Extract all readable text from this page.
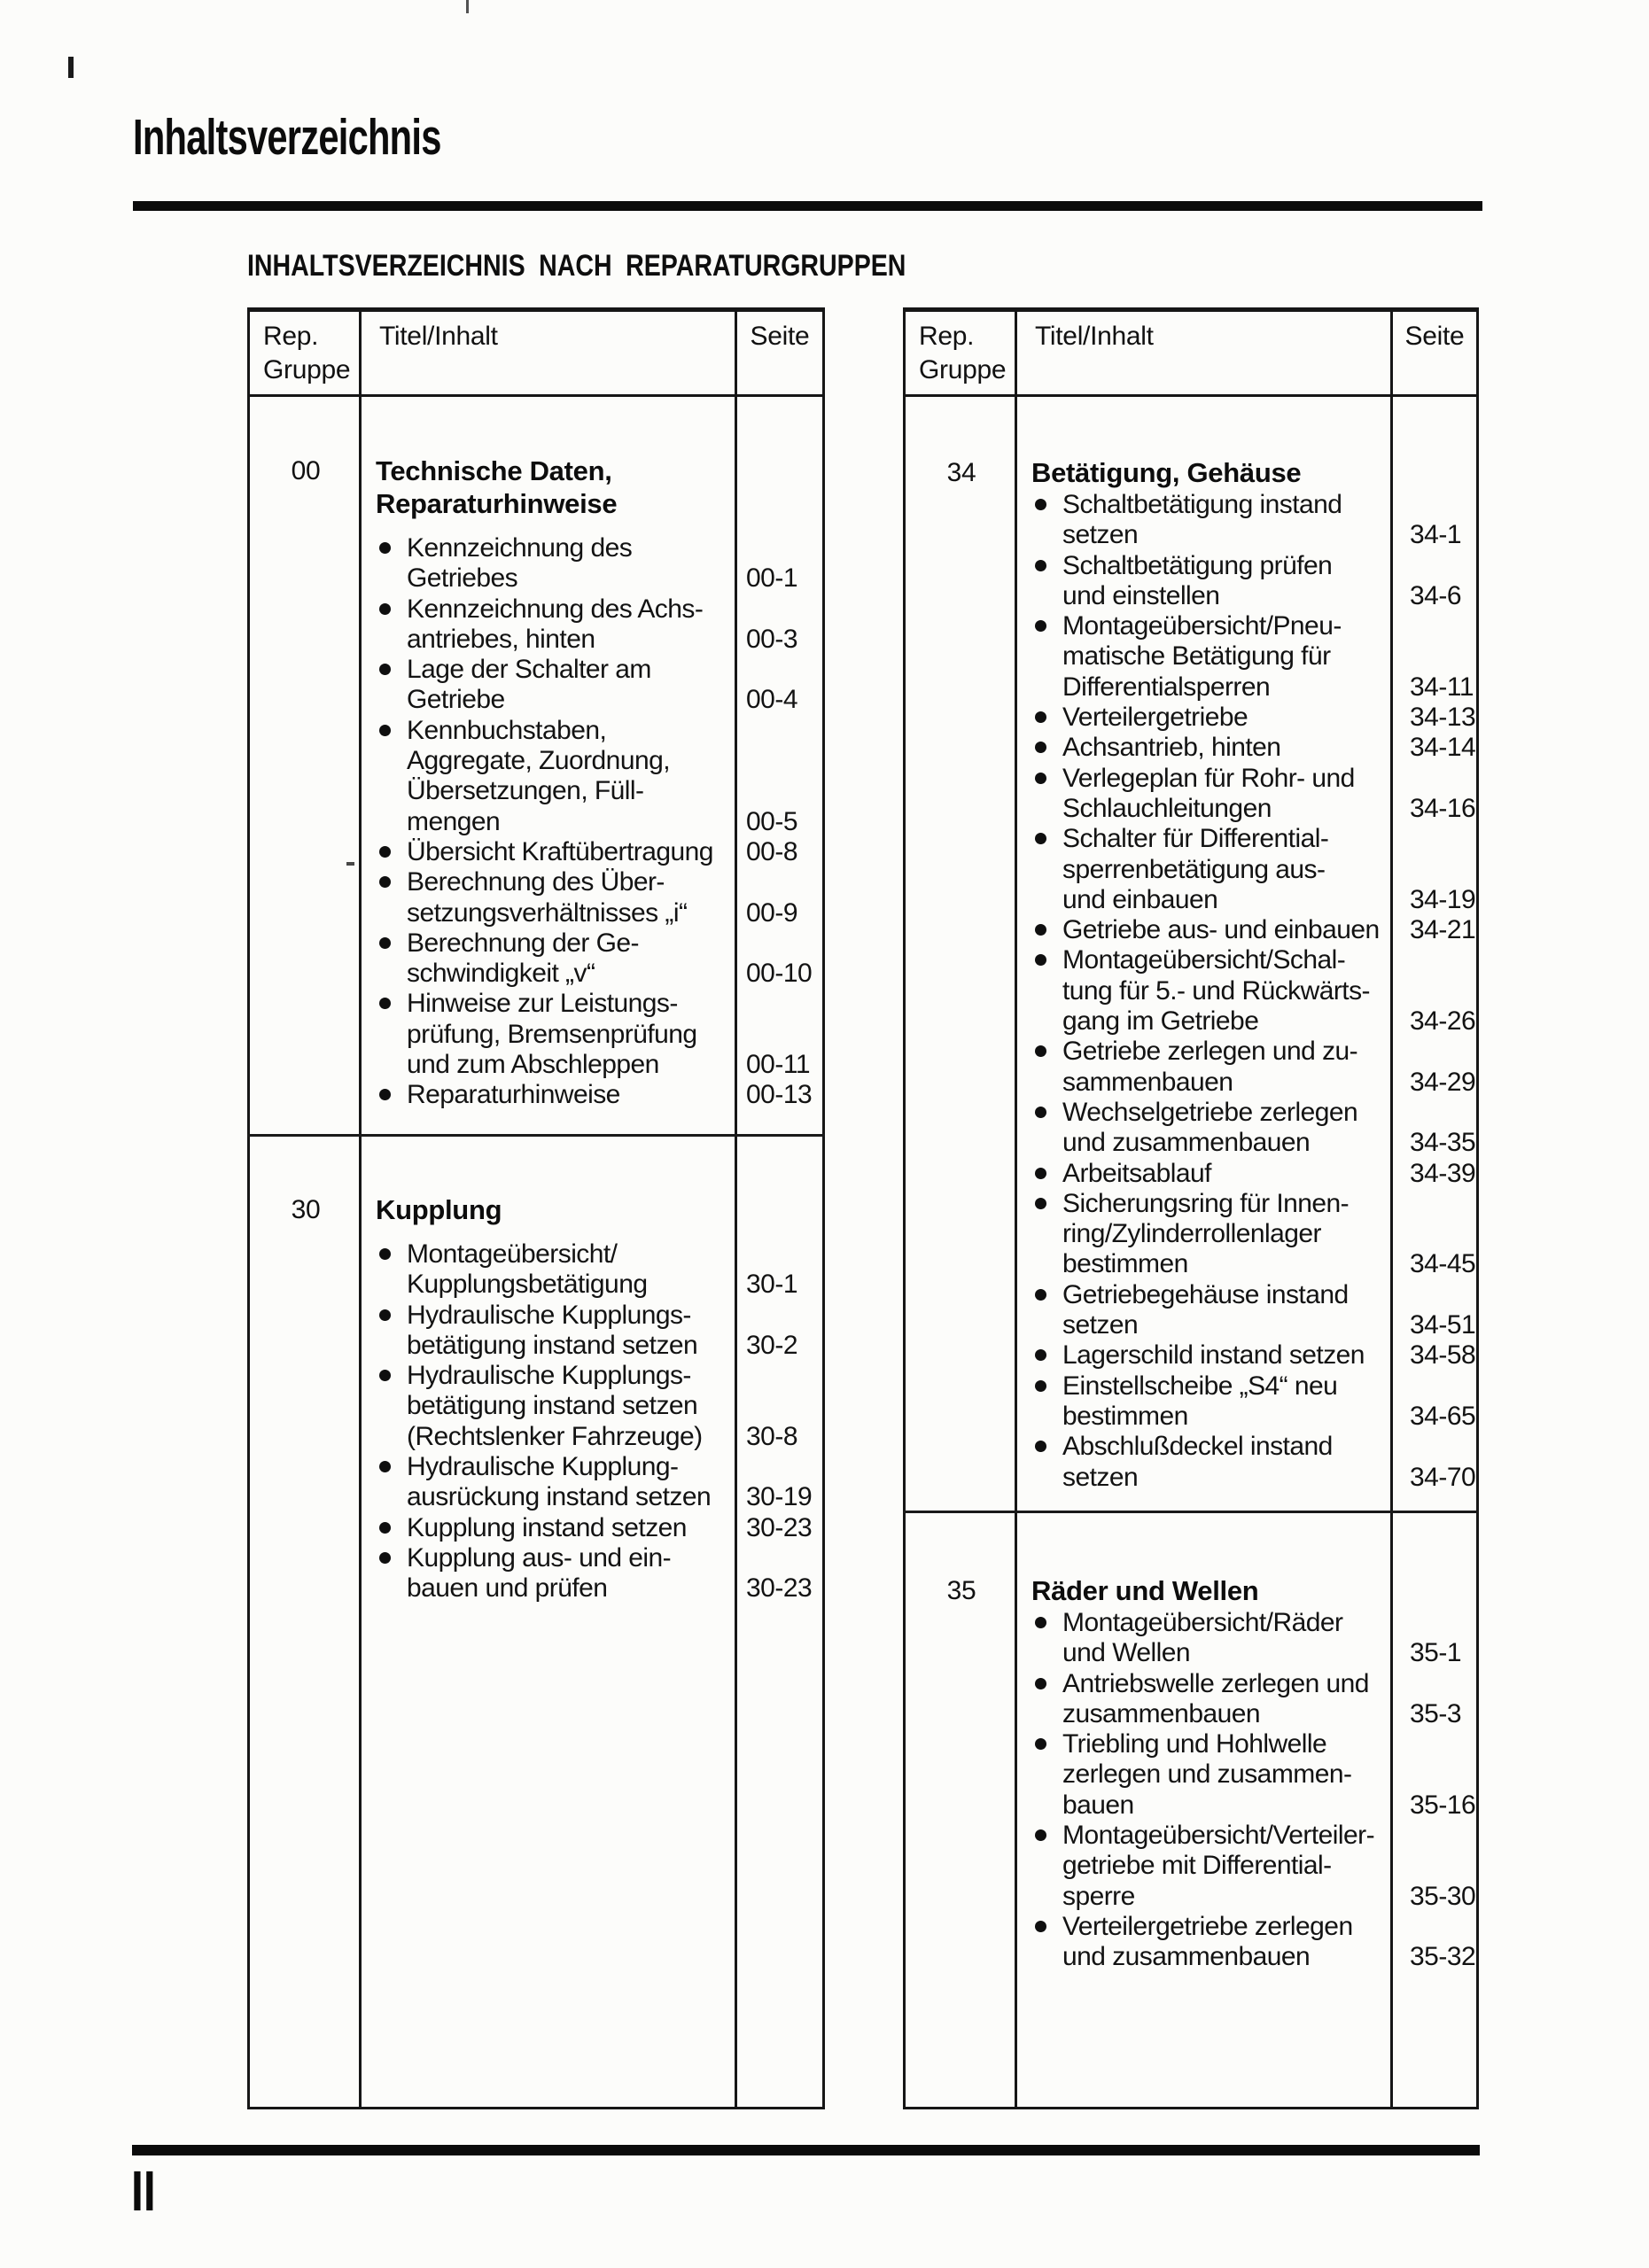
Inhaltsverzeichnis
INHALTSVERZEICHNIS NACH REPARATURGRUPPEN
Rep.
Gruppe
Titel/Inhalt	Seite
00	Technische Daten,
Reparaturhinweise
Kennzeichnung des
Getriebes	00-1
Kennzeichnung des Achs-
antriebes, hinten	00-3
Lage der Schalter am
Getriebe	00-4
Kennbuchstaben,
Aggregate, Zuordnung,
Übersetzungen, Füll-
mengen	00-5
Übersicht Kraftübertragung 00-8
Berechnung des Über-
setzungsverhältnisses „i“ 00-9
Berechnung der Ge-
schwindigkeit „v“	00-10
Hinweise zur Leistungs-
prüfung, Bremsenprüfung
und zum Abschleppen	00-11
Reparaturhinweise	00-13
30	Kupplung
Montageübersicht/
Kupplungsbetätigung	30-1
Hydraulische Kupplungs-
betätigung instand setzen 30-2
Hydraulische Kupplungs-
betätigung instand setzen
(Rechtslenker Fahrzeuge) 30-8
Hydraulische Kupplung-
ausrückung instand setzen 30-19
Kupplung instand setzen 30-23
Kupplung aus- und ein-
bauen und prüfen	30-23
Rep.
Gruppe
Titel/Inhalt	Seite
34	Betätigung, Gehäuse
Schaltbetätigung instand
setzen	34-1
Schaltbetätigung prüfen
und einstellen	34-6
Montageübersicht/Pneu-
matische Betätigung für
Differentialsperren	34-11
Verteilergetriebe	34-13
Achsantrieb, hinten	34-14
Verlegeplan für Rohr- und
Schlauchleitungen	34-16
Schalter für Differential-
sperrenbetätigung aus-
und einbauen	34-19
Getriebe aus- und einbauen 34-21
Montageübersicht/Schal-
tung für 5.- und Rückwärts-
gang im Getriebe	34-26
Getriebe zerlegen und zu-
sammenbauen	34-29
Wechselgetriebe zerlegen
und zusammenbauen	34-35
Arbeitsablauf	34-39
Sicherungsring für Innen-
ring/Zylinderrollenlager
bestimmen	34-45
Getriebegehäuse instand
setzen	34-51
Lagerschild instand setzen 34-58
Einstellscheibe „S4“ neu
bestimmen	34-65
Abschlußdeckel instand
setzen	34-70
35	Räder und Wellen
Montageübersicht/Räder
und Wellen	35-1
Antriebswelle zerlegen und
zusammenbauen	35-3
Triebling und Hohlwelle
zerlegen und zusammen-
bauen	35-16
Montageübersicht/Verteiler-
getriebe mit Differential-
sperre	35-30
Verteilergetriebe zerlegen
und zusammenbauen	35-32
II
